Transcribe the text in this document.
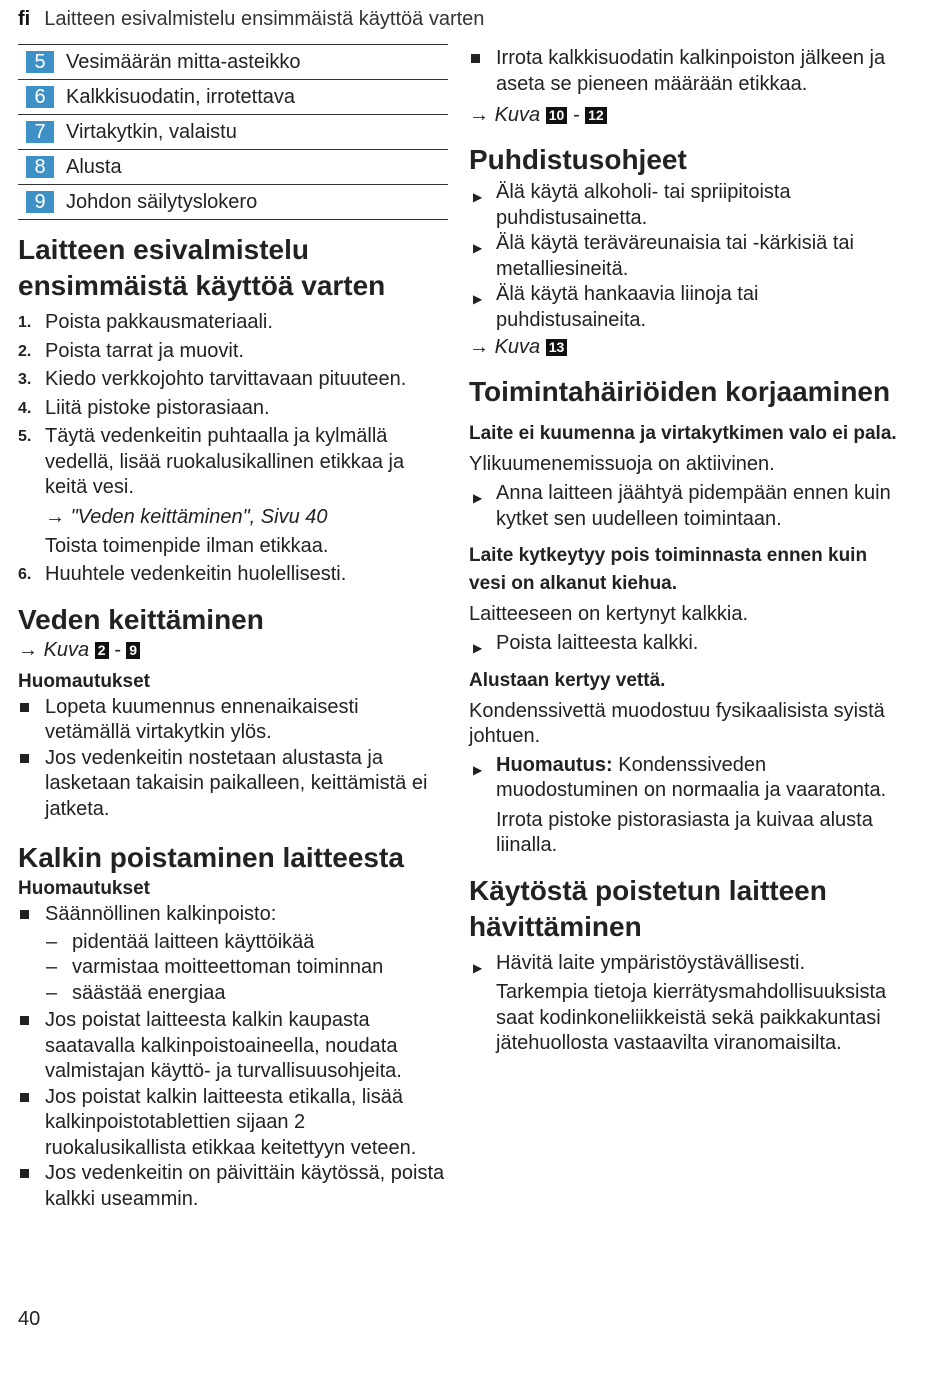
fi Laitteen esivalmistelu ensimmäistä käyttöä varten
5	Vesimäärän mitta-asteikko

6	Kalkkisuodatin, irrotettava

7	Virtakytkin, valaistu

8	Alusta

9	Johdon säilytyslokero
Laitteen esivalmistelu ensimmäistä käyttöä varten
1. Poista pakkausmateriaali.
2. Poista tarrat ja muovit.
3. Kiedo verkkojohto tarvittavaan pituuteen.
4. Liitä pistoke pistorasiaan.
5. Täytä vedenkeitin puhtaalla ja kylmällä vedellä, lisää ruokalusikallinen etikkaa ja keitä vesi.
→ "Veden keittäminen", Sivu 40
Toista toimenpide ilman etikkaa.
6. Huuhtele vedenkeitin huolellisesti.
Veden keittäminen
→ Kuva 2 - 9
Huomautukset
Lopeta kuumennus ennenaikaisesti vetämällä virtakytkin ylös.
Jos vedenkeitin nostetaan alustasta ja lasketaan takaisin paikalleen, keittämistä ei jatketa.
Kalkin poistaminen laitteesta
Huomautukset
Säännöllinen kalkinpoisto:
– pidentää laitteen käyttöikää
– varmistaa moitteettoman toiminnan
– säästää energiaa
Jos poistat laitteesta kalkin kaupasta saatavalla kalkinpoistoaineella, noudata valmistajan käyttö- ja turvallisuusohjeita.
Jos poistat kalkin laitteesta etikalla, lisää kalkinpoistotablettien sijaan 2 ruokalusikallista etikkaa keitettyyn veteen.
Jos vedenkeitin on päivittäin käytössä, poista kalkki useammin.
Irrota kalkkisuodatin kalkinpoiston jälkeen ja aseta se pieneen määrään etikkaa.
→ Kuva 10 - 12
Puhdistusohjeet
▶ Älä käytä alkoholi- tai spriipitoista puhdistusainetta.
▶ Älä käytä teräväreunaisia tai -kärkisiä tai metalliesineitä.
▶ Älä käytä hankaavia liinoja tai puhdistusaineita.
→ Kuva 13
Toimintahäiriöiden korjaaminen
Laite ei kuumenna ja virtakytkimen valo ei pala.

Ylikuumenemissuoja on aktiivinen.

▶ Anna laitteen jäähtyä pidempään ennen kuin kytket sen uudelleen toimintaan.
Laite kytkeytyy pois toiminnasta ennen kuin vesi on alkanut kiehua.

Laitteeseen on kertynyt kalkkia.

▶ Poista laitteesta kalkki.
Alustaan kertyy vettä.

Kondenssivettä muodostuu fysikaalisista syistä johtuen.

▶ Huomautus: Kondenssiveden muodostuminen on normaalia ja vaaratonta.
Irrota pistoke pistorasiasta ja kuivaa alusta liinalla.
Käytöstä poistetun laitteen hävittäminen
▶ Hävitä laite ympäristöystävällisesti.
Tarkempia tietoja kierrätysmahdollisuuksista saat kodinkoneliikkeistä sekä paikkakuntasi jätehuollosta vastaavilta viranomaisilta.
40
